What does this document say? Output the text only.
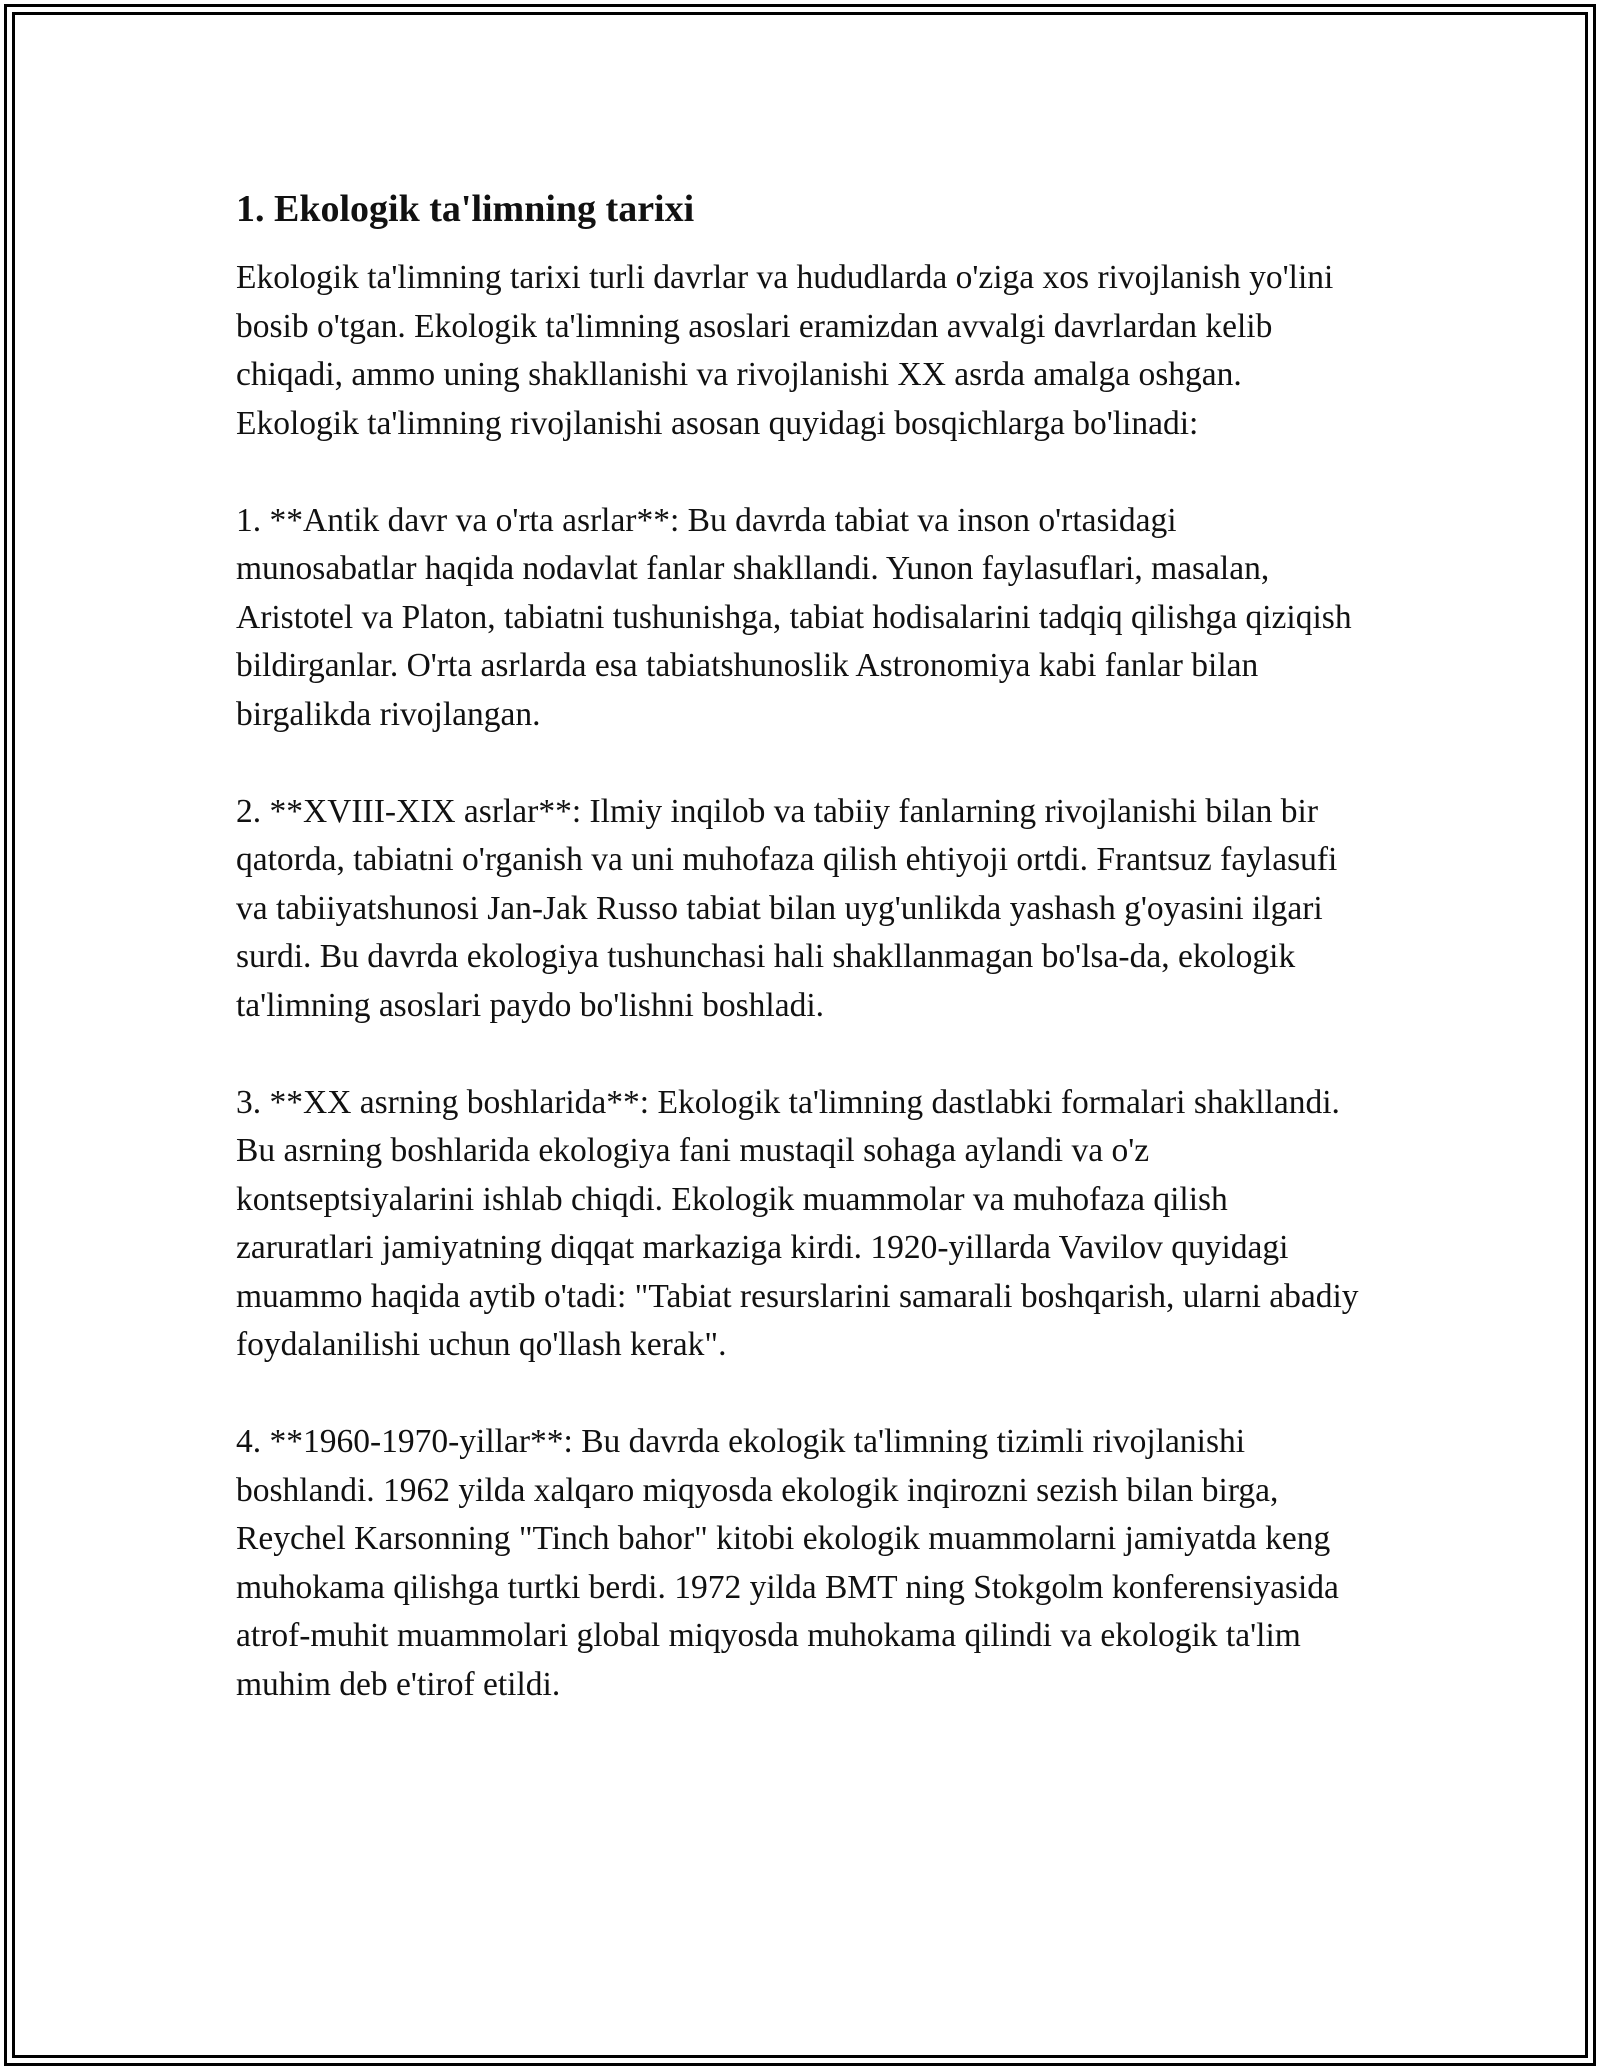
1. Ekologik ta'limning tarixi

Ekologik ta'limning tarixi turli davrlar va hududlarda o'ziga xos rivojlanish yo'lini bosib o'tgan. Ekologik ta'limning asoslari eramizdan avvalgi davrlardan kelib chiqadi, ammo uning shakllanishi va rivojlanishi XX asrda amalga oshgan. Ekologik ta'limning rivojlanishi asosan quyidagi bosqichlarga bo'linadi:

1. **Antik davr va o'rta asrlar**: Bu davrda tabiat va inson o'rtasidagi munosabatlar haqida nodavlat fanlar shakllandi. Yunon faylasuflari, masalan, Aristotel va Platon, tabiatni tushunishga, tabiat hodisalarini tadqiq qilishga qiziqish bildirganlar. O'rta asrlarda esa tabiatshunoslik Astronomiya kabi fanlar bilan birgalikda rivojlangan.

2. **XVIII-XIX asrlar**: Ilmiy inqilob va tabiiy fanlarning rivojlanishi bilan bir qatorda, tabiatni o'rganish va uni muhofaza qilish ehtiyoji ortdi. Frantsuz faylasufi va tabiiyatshunosi Jan-Jak Russo tabiat bilan uyg'unlikda yashash g'oyasini ilgari surdi. Bu davrda ekologiya tushunchasi hali shakllanmagan bo'lsa-da, ekologik ta'limning asoslari paydo bo'lishni boshladi.

3. **XX asrning boshlarida**: Ekologik ta'limning dastlabki formalari shakllandi. Bu asrning boshlarida ekologiya fani mustaqil sohaga aylandi va o'z kontseptsiyalarini ishlab chiqdi. Ekologik muammolar va muhofaza qilish zaruratlari jamiyatning diqqat markaziga kirdi. 1920-yillarda Vavilov quyidagi muammo haqida aytib o'tadi: "Tabiat resurslarini samarali boshqarish, ularni abadiy foydalanilishi uchun qo'llash kerak".

4. **1960-1970-yillar**: Bu davrda ekologik ta'limning tizimli rivojlanishi boshlandi. 1962 yilda xalqaro miqyosda ekologik inqirozni sezish bilan birga, Reychel Karsonning "Tinch bahor" kitobi ekologik muammolarni jamiyatda keng muhokama qilishga turtki berdi. 1972 yilda BMT ning Stokgolm konferensiyasida atrof-muhit muammolari global miqyosda muhokama qilindi va ekologik ta'lim muhim deb e'tirof etildi.
